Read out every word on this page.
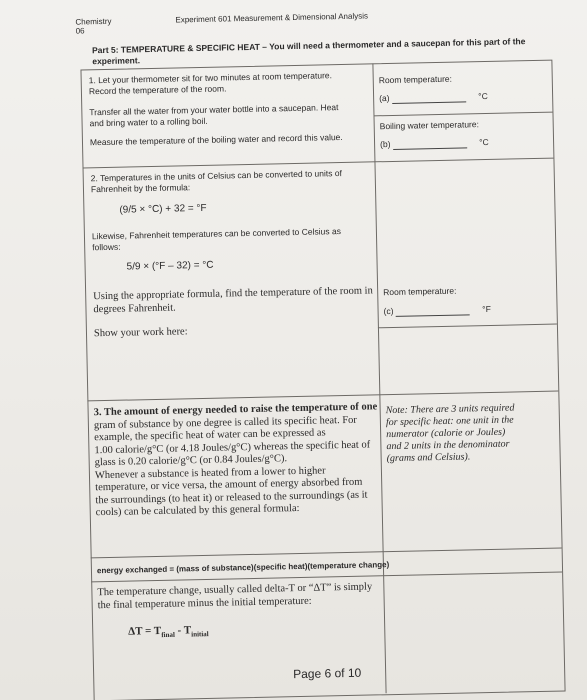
Chemistry 06
Experiment 601 Measurement & Dimensional Analysis
Part 5: TEMPERATURE & SPECIFIC HEAT – You will need a thermometer and a saucepan for this part of the experiment.
1. Let your thermometer sit for two minutes at room temperature.
Record the temperature of the room.
Transfer all the water from your water bottle into a saucepan. Heat
and bring water to a rolling boil.
Measure the temperature of the boiling water and record this value.
Room temperature:
(a)	°C
Boiling water temperature:
(b)	°C
2. Temperatures in the units of Celsius can be converted to units of
Fahrenheit by the formula:
(9/5 × °C) + 32 = °F
Likewise, Fahrenheit temperatures can be converted to Celsius as
follows:
5/9 × (°F – 32) = °C
Using the appropriate formula, find the temperature of the room in
degrees Fahrenheit.
Show your work here:
Room temperature:
(c)	°F
3. The amount of energy needed to raise the temperature of one
gram of substance by one degree is called its specific heat. For
example, the specific heat of water can be expressed as
1.00 calorie/g°C (or 4.18 Joules/g°C) whereas the specific heat of
glass is 0.20 calorie/g°C (or 0.84 Joules/g°C).
Whenever a substance is heated from a lower to higher
temperature, or vice versa, the amount of energy absorbed from
the surroundings (to heat it) or released to the surroundings (as it
cools) can be calculated by this general formula:
Note: There are 3 units required
for specific heat: one unit in the
numerator (calorie or Joules)
and 2 units in the denominator
(grams and Celsius).
energy exchanged = (mass of substance)(specific heat)(temperature change)
The temperature change, usually called delta-T or “ΔT” is simply
the final temperature minus the initial temperature:
$\Delta T = T_{final} - T_{initial}$
Page 6 of 10
